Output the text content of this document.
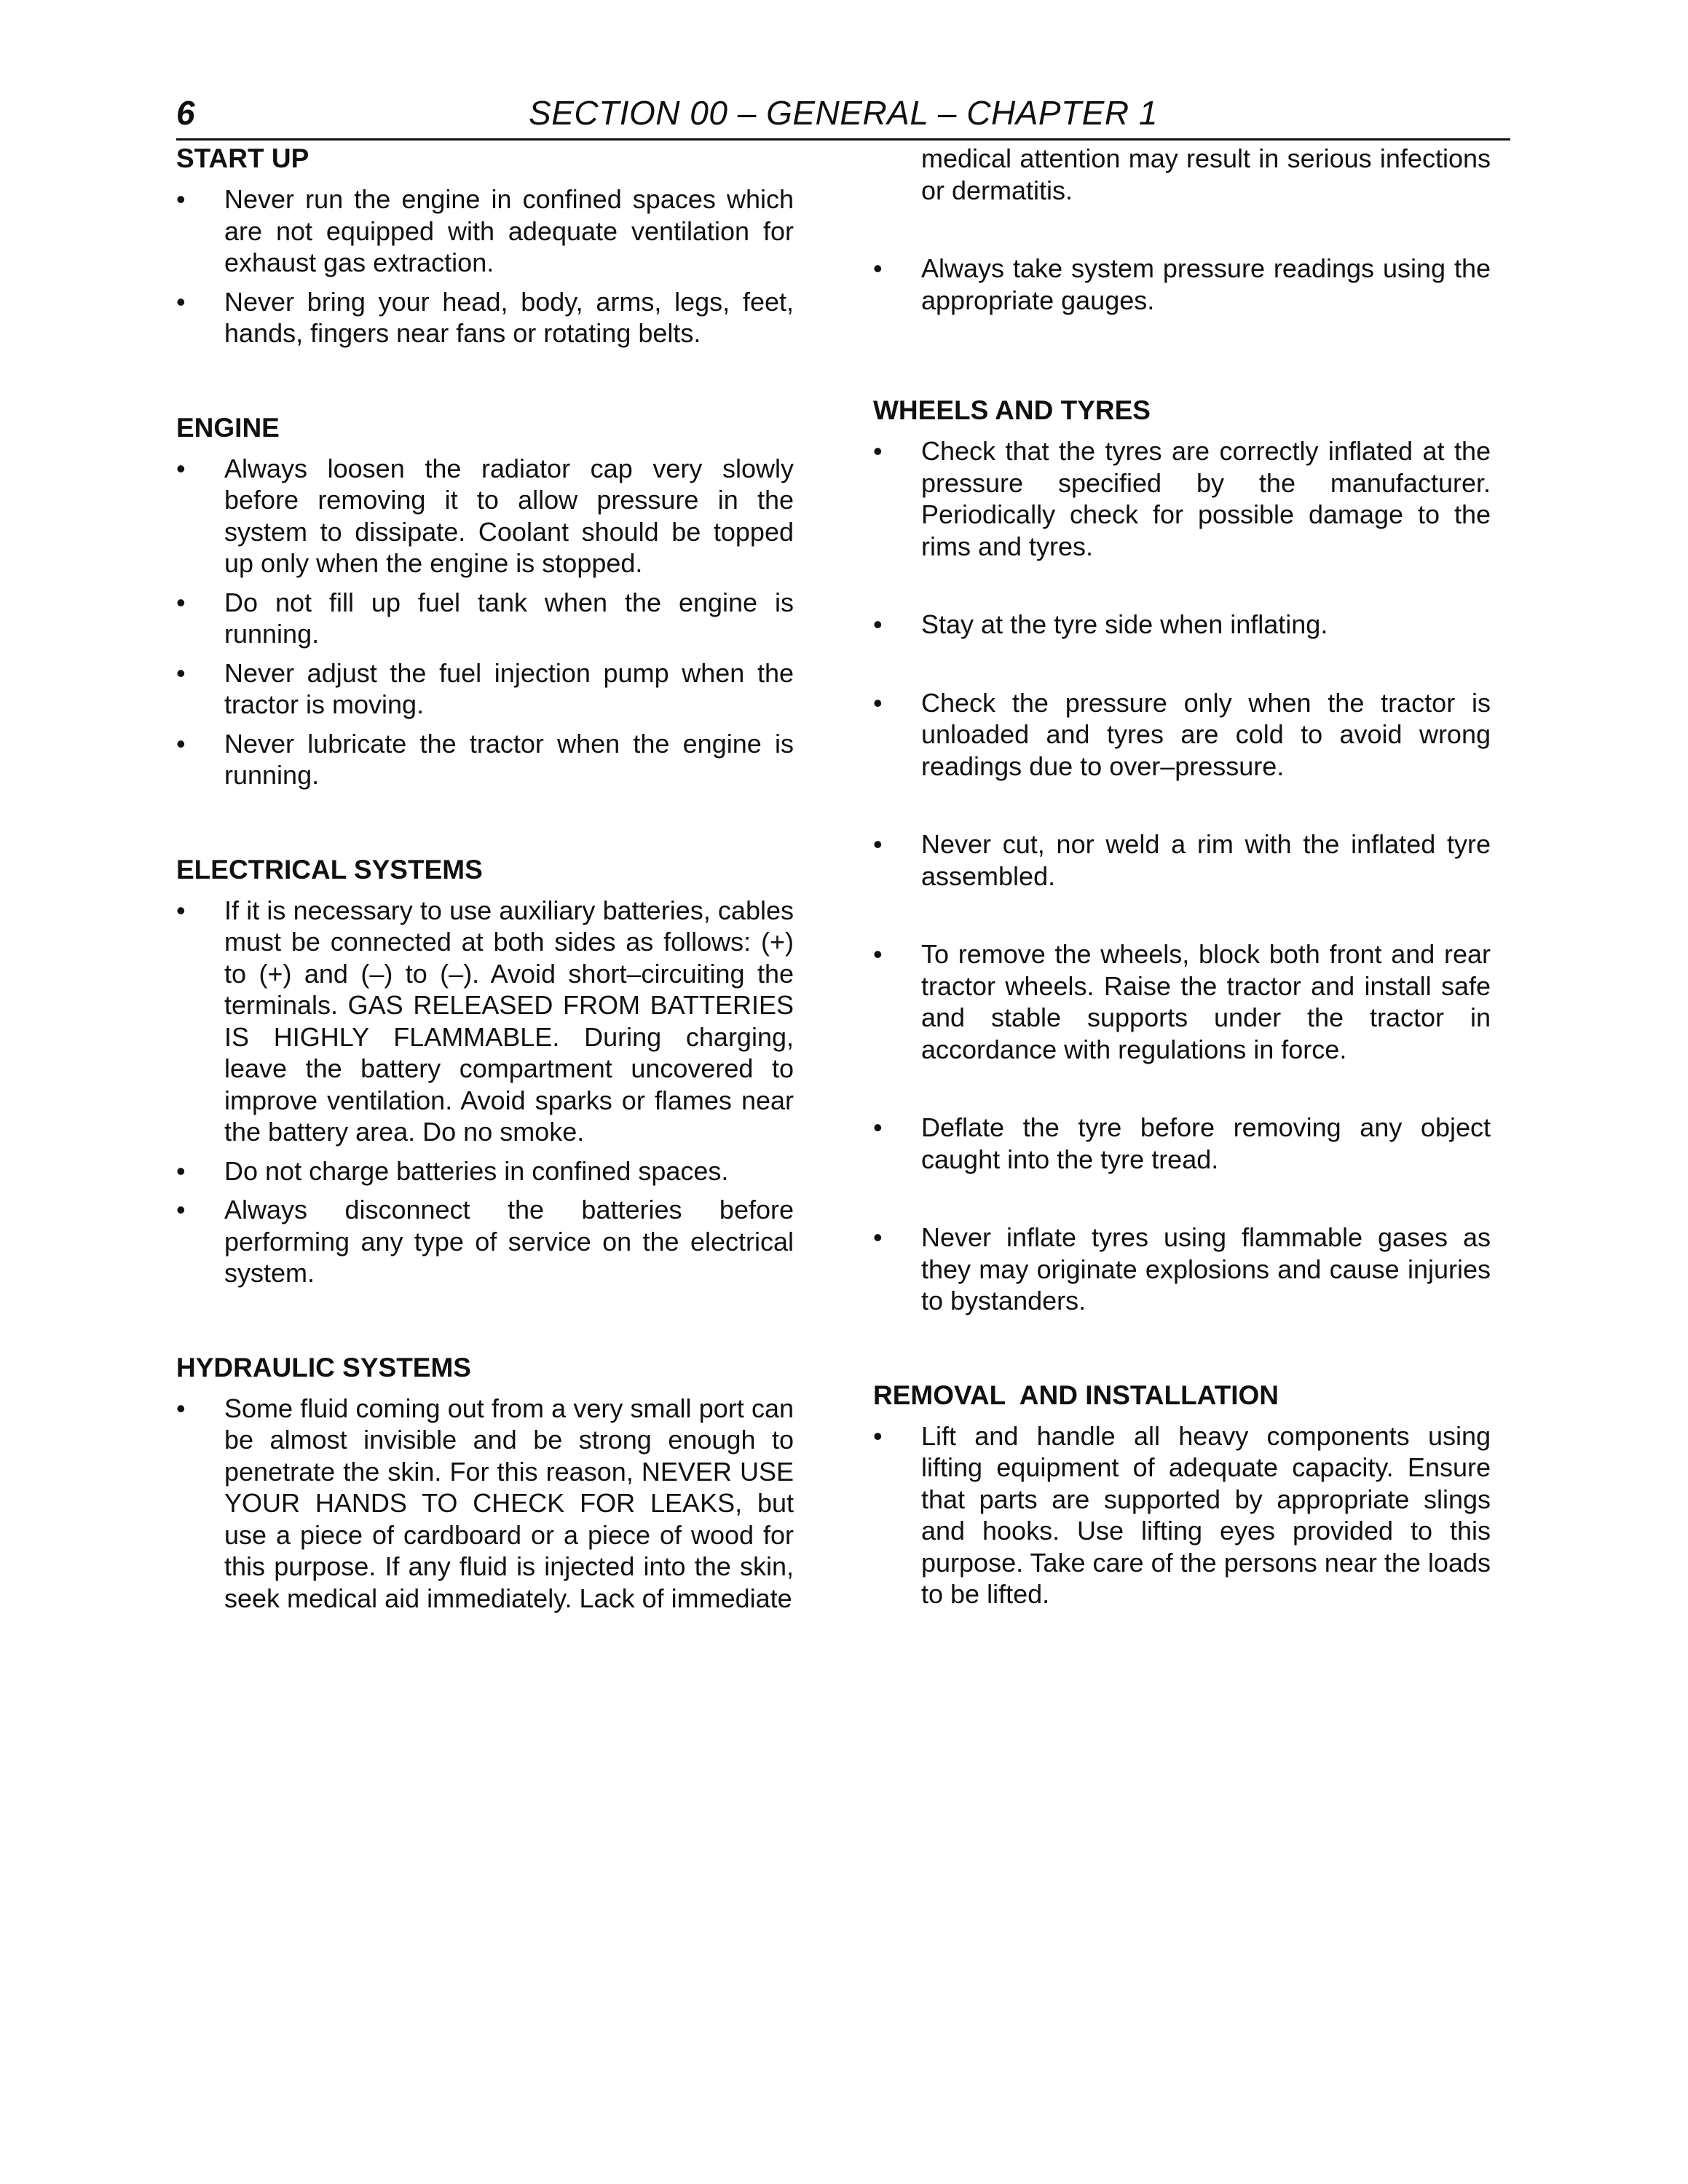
6	SECTION 00 – GENERAL – CHAPTER 1
START UP
•	Never run the engine in confined spaces which are not equipped with adequate ventilation for exhaust gas extraction.
•	Never bring your head, body, arms, legs, feet, hands, fingers near fans or rotating belts.
ENGINE
•	Always loosen the radiator cap very slowly before removing it to allow pressure in the system to dissipate. Coolant should be topped up only when the engine is stopped.
•	Do not fill up fuel tank when the engine is running.
•	Never adjust the fuel injection pump when the tractor is moving.
•	Never lubricate the tractor when the engine is running.
ELECTRICAL SYSTEMS
•	If it is necessary to use auxiliary batteries, cables must be connected at both sides as follows: (+) to (+) and (–) to (–). Avoid short–circuiting the terminals. GAS RELEASED FROM BATTERIES IS HIGHLY FLAMMABLE. During charging, leave the battery compartment uncovered to improve ventilation. Avoid sparks or flames near the battery area. Do no smoke.
•	Do not charge batteries in confined spaces.
•	Always disconnect the batteries before performing any type of service on the electrical system.
HYDRAULIC SYSTEMS
•	Some fluid coming out from a very small port can be almost invisible and be strong enough to penetrate the skin. For this reason, NEVER USE YOUR HANDS TO CHECK FOR LEAKS, but use a piece of cardboard or a piece of wood for this purpose. If any fluid is injected into the skin, seek medical aid immediately. Lack of immediate

medical attention may result in serious infections or dermatitis.

•	Always take system pressure readings using the appropriate gauges.
WHEELS AND TYRES
•	Check that the tyres are correctly inflated at the pressure specified by the manufacturer. Periodically check for possible damage to the rims and tyres.
•	Stay at the tyre side when inflating.
•	Check the pressure only when the tractor is unloaded and tyres are cold to avoid wrong readings due to over–pressure.
•	Never cut, nor weld a rim with the inflated tyre assembled.
•	To remove the wheels, block both front and rear tractor wheels. Raise the tractor and install safe and stable supports under the tractor in accordance with regulations in force.
•	Deflate the tyre before removing any object caught into the tyre tread.
•	Never inflate tyres using flammable gases as they may originate explosions and cause injuries to bystanders.
REMOVAL  AND INSTALLATION
•	Lift and handle all heavy components using lifting equipment of adequate capacity. Ensure that parts are supported by appropriate slings and hooks. Use lifting eyes provided to this purpose. Take care of the persons near the loads to be lifted.
